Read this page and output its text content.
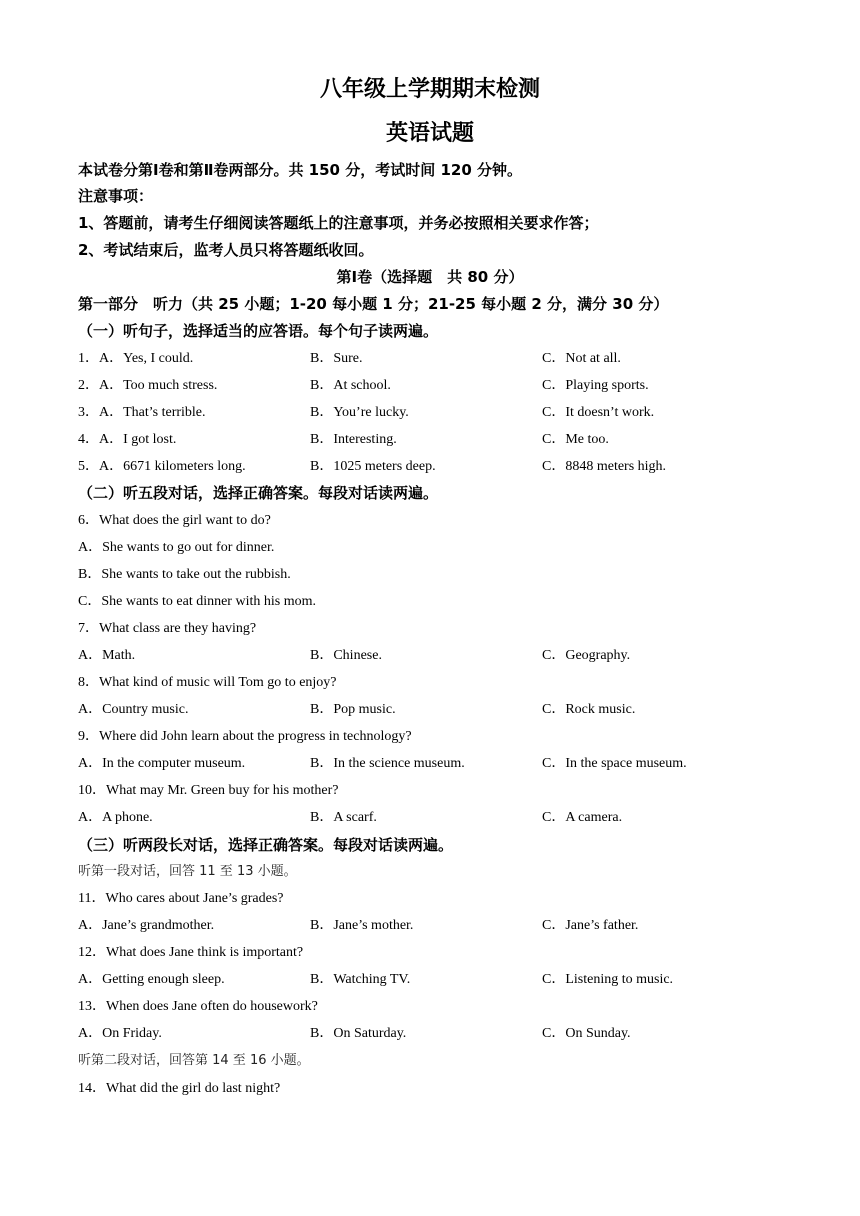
八年级上学期期末检测
英语试题
本试卷分第Ⅰ卷和第Ⅱ卷两部分。共 150 分，考试时间 120 分钟。
注意事项：
1、答题前，请考生仔细阅读答题纸上的注意事项，并务必按照相关要求作答；
2、考试结束后，监考人员只将答题纸收回。
第Ⅰ卷（选择题　共 80 分）
第一部分　听力（共 25 小题；1-20 每小题 1 分；21-25 每小题 2 分，满分 30 分）
（一）听句子，选择适当的应答语。每个句子读两遍。
1．A．Yes, I could.	B．Sure.	C．Not at all.
2．A．Too much stress.	B．At school.	C．Playing sports.
3．A．That’s terrible.	B．You’re lucky.	C．It doesn’t work.
4．A．I got lost.	B．Interesting.	C．Me too.
5．A．6671 kilometers long.	B．1025 meters deep.	C．8848 meters high.
（二）听五段对话，选择正确答案。每段对话读两遍。
6．What does the girl want to do?
A．She wants to go out for dinner.
B．She wants to take out the rubbish.
C．She wants to eat dinner with his mom.
7．What class are they having?
A．Math.	B．Chinese.	C．Geography.
8．What kind of music will Tom go to enjoy?
A．Country music.	B．Pop music.	C．Rock music.
9．Where did John learn about the progress in technology?
A．In the computer museum.	B．In the science museum.	C．In the space museum.
10．What may Mr. Green buy for his mother?
A．A phone.	B．A scarf.	C．A camera.
（三）听两段长对话，选择正确答案。每段对话读两遍。
听第一段对话，回答 11 至 13 小题。
11．Who cares about Jane’s grades?
A．Jane’s grandmother.	B．Jane’s mother.	C．Jane’s father.
12．What does Jane think is important?
A．Getting enough sleep.	B．Watching TV.	C．Listening to music.
13．When does Jane often do housework?
A．On Friday.	B．On Saturday.	C．On Sunday.
听第二段对话，回答第 14 至 16 小题。
14．What did the girl do last night?
